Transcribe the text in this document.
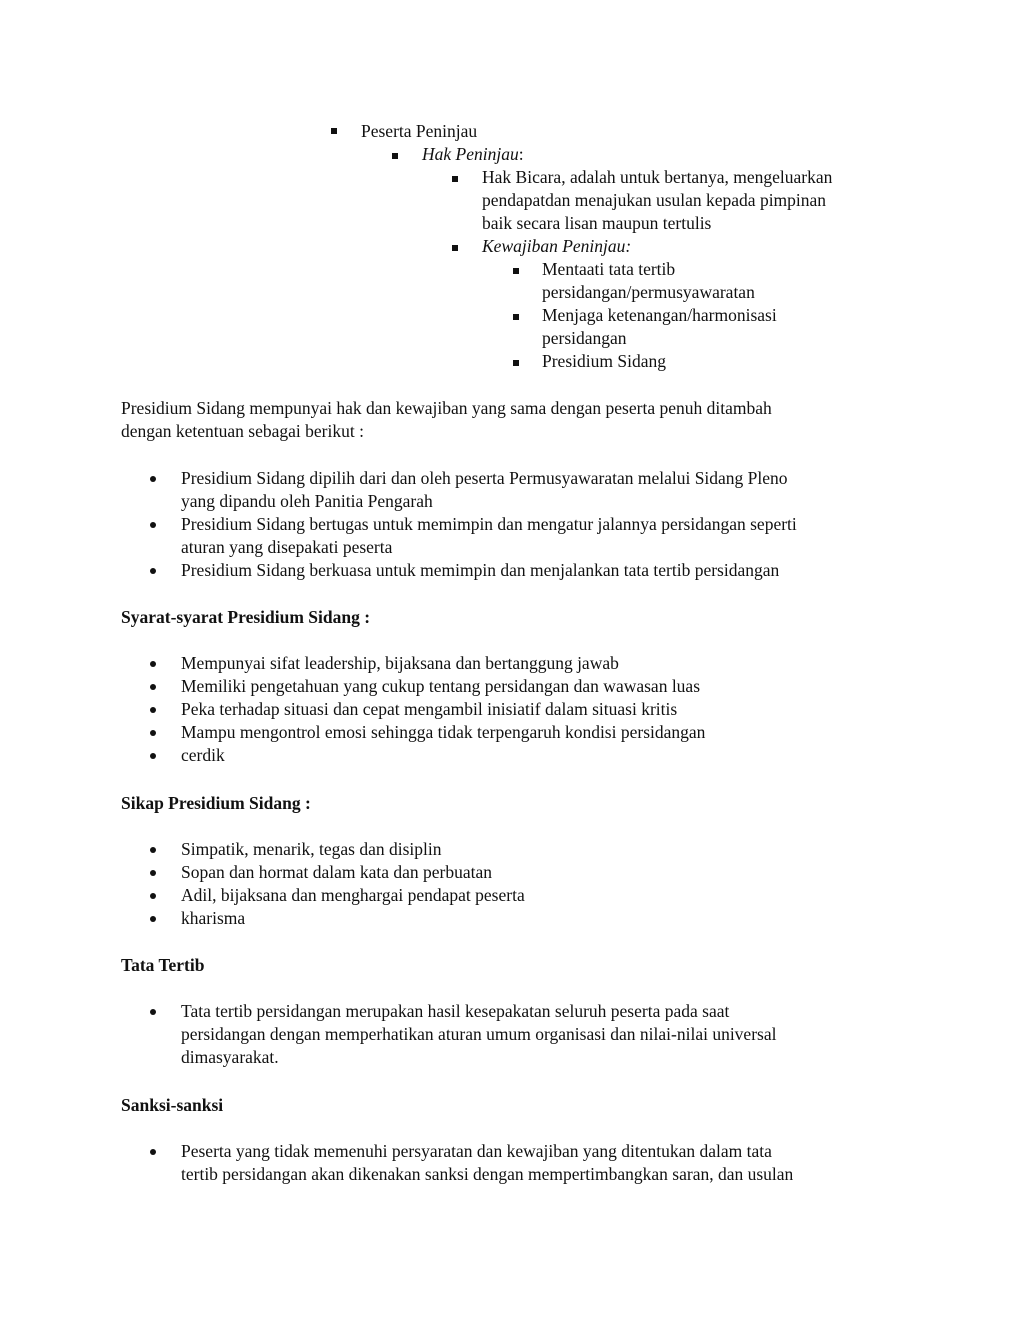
Peserta Peninjau
Hak Peninjau:
Hak Bicara, adalah untuk bertanya, mengeluarkan
pendapatdan menajukan usulan kepada pimpinan
baik secara lisan maupun tertulis
Kewajiban Peninjau:
Mentaati tata tertib
persidangan/permusyawaratan
Menjaga ketenangan/harmonisasi
persidangan
Presidium Sidang
Presidium Sidang mempunyai hak dan kewajiban yang sama dengan peserta penuh ditambah
dengan ketentuan sebagai berikut :
Presidium Sidang dipilih dari dan oleh peserta Permusyawaratan melalui Sidang Pleno
yang dipandu oleh Panitia Pengarah
Presidium Sidang bertugas untuk memimpin dan mengatur jalannya persidangan seperti
aturan yang disepakati peserta
Presidium Sidang berkuasa untuk memimpin dan menjalankan tata tertib persidangan
Syarat-syarat Presidium Sidang :
Mempunyai sifat leadership, bijaksana dan bertanggung jawab
Memiliki pengetahuan yang cukup tentang persidangan dan wawasan luas
Peka terhadap situasi dan cepat mengambil inisiatif dalam situasi kritis
Mampu mengontrol emosi sehingga tidak terpengaruh kondisi persidangan
cerdik
Sikap Presidium Sidang :
Simpatik, menarik, tegas dan disiplin
Sopan dan hormat dalam kata dan perbuatan
Adil, bijaksana dan menghargai pendapat peserta
kharisma
Tata Tertib
Tata tertib persidangan merupakan hasil kesepakatan seluruh peserta pada saat
persidangan dengan memperhatikan aturan umum organisasi dan nilai-nilai universal
dimasyarakat.
Sanksi-sanksi
Peserta yang tidak memenuhi persyaratan dan kewajiban yang ditentukan dalam tata
tertib persidangan akan dikenakan sanksi dengan mempertimbangkan saran, dan usulan
